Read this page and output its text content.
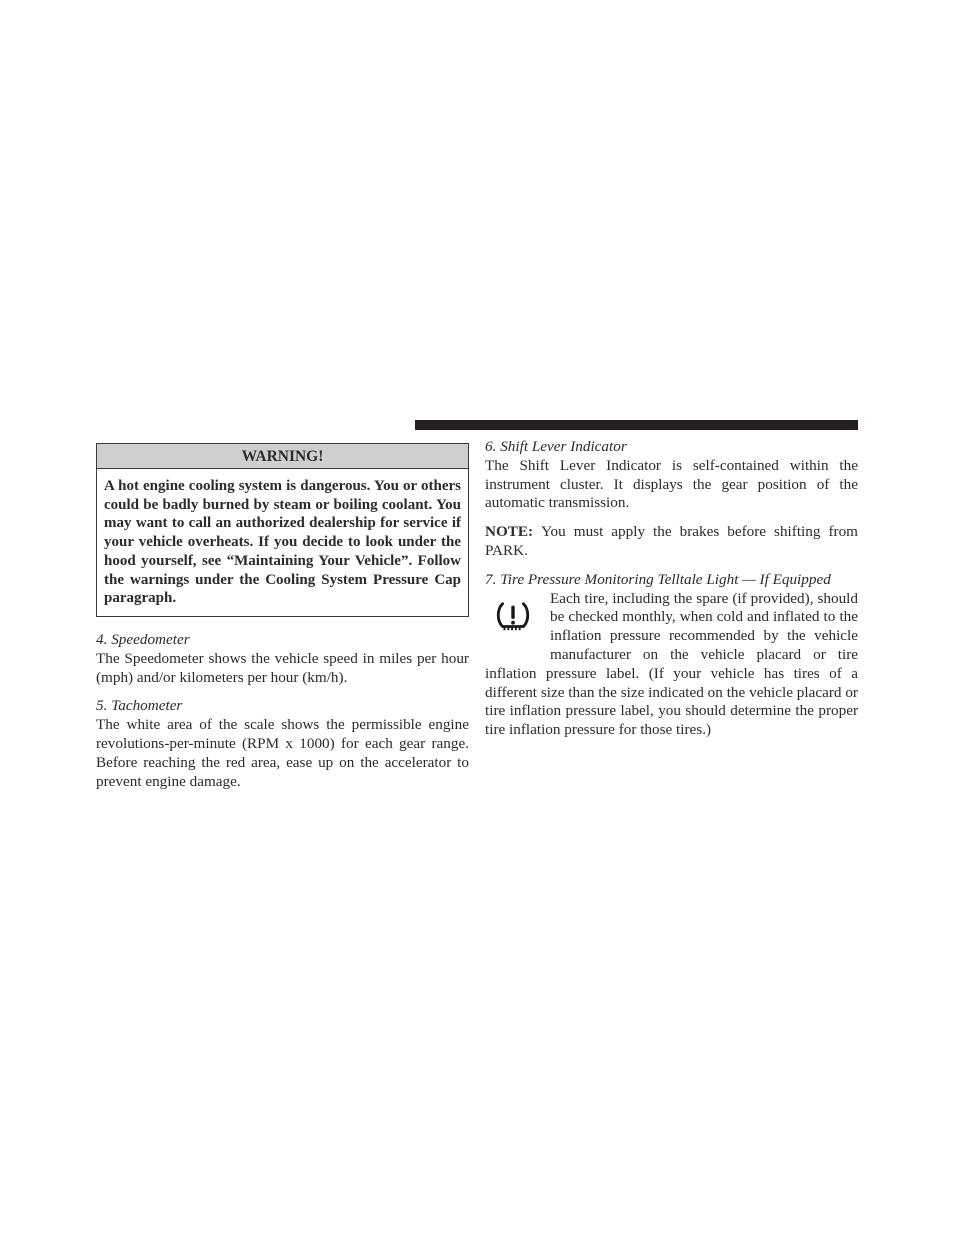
WARNING!
A hot engine cooling system is dangerous. You or others could be badly burned by steam or boiling coolant. You may want to call an authorized dealership for service if your vehicle overheats. If you decide to look under the hood yourself, see “Maintaining Your Vehicle”. Follow the warnings under the Cooling System Pressure Cap paragraph.
4. Speedometer

The Speedometer shows the vehicle speed in miles per hour (mph) and/or kilometers per hour (km/h).

5. Tachometer

The white area of the scale shows the permissible engine revolutions-per-minute (RPM x 1000) for each gear range. Before reaching the red area, ease up on the accelerator to prevent engine damage.

6. Shift Lever Indicator

The Shift Lever Indicator is self-contained within the instrument cluster. It displays the gear position of the automatic transmission.

NOTE: You must apply the brakes before shifting from PARK.

7. Tire Pressure Monitoring Telltale Light — If Equipped

Each tire, including the spare (if provided), should be checked monthly, when cold and inflated to the inflation pressure recommended by the vehicle manufacturer on the vehicle placard or tire inflation pressure label. (If your vehicle has tires of a different size than the size indicated on the vehicle placard or tire inflation pressure label, you should determine the proper tire inflation pressure for those tires.)
